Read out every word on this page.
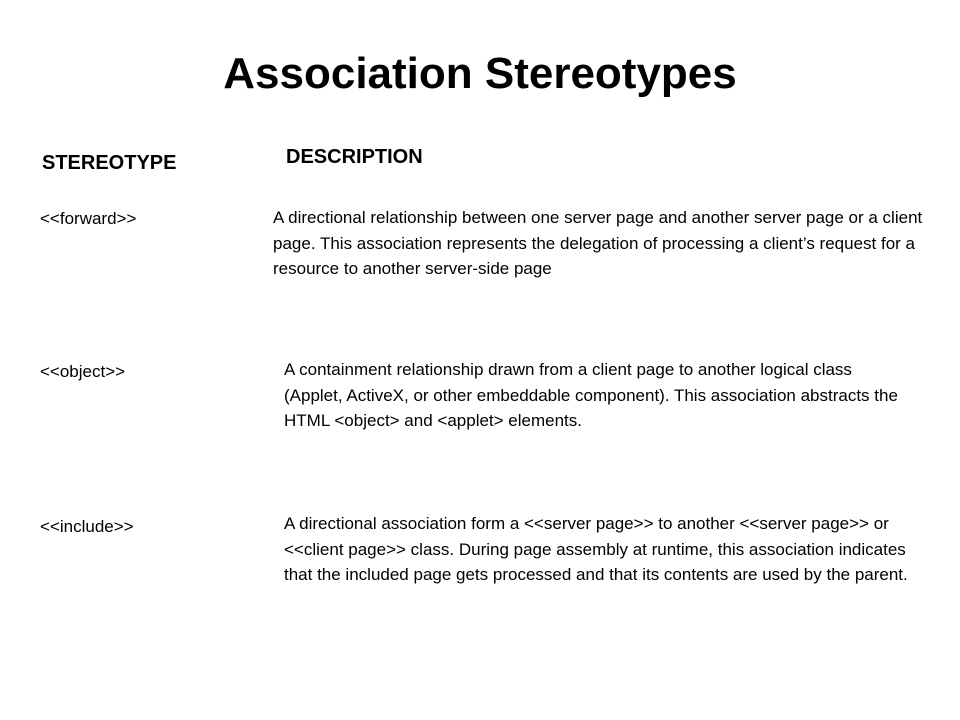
Association Stereotypes
STEREOTYPE	DESCRIPTION
<<forward>>	A directional relationship between one server page and another server page or a client page. This association represents the delegation of processing a client’s request for a resource to another server-side page

<<object>>	A containment relationship drawn from a client page to another logical class (Applet, ActiveX, or other embeddable component). This association abstracts the HTML <object> and <applet> elements.

<<include>>	A directional association form a <<server page>> to another <<server page>> or <<client page>> class. During page assembly at runtime, this association indicates that the included page gets processed and that its contents are used by the parent.
